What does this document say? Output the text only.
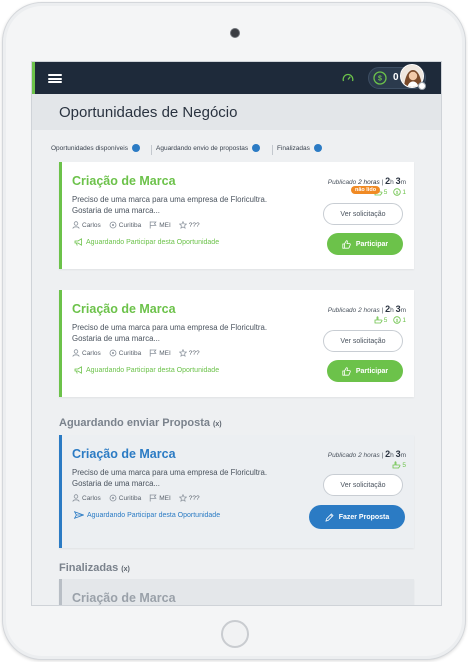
$ 0
Oportunidades de Negócio
Oportunidades disponíveis	Aguardando envio de propostas	Finalizadas
Criação de Marca
Preciso de uma marca para uma empresa de Floricultra. Gostaria de uma marca...
Carlos	Curitiba	MEI	???
Aguardando Participar desta Oportunidade
Publicado 2 horas | 2h 3m
5 $ 1
não lido
Ver solicitação
Participar
Criação de Marca
Preciso de uma marca para uma empresa de Floricultra. Gostaria de uma marca...
Carlos	Curitiba	MEI	???
Aguardando Participar desta Oportunidade
Publicado 2 horas | 2h 3m
5 $ 1
Ver solicitação
Participar
Aguardando enviar Proposta (x)
Criação de Marca
Preciso de uma marca para uma empresa de Floricultra. Gostaria de uma marca...
Carlos	Curitiba	MEI	???
Aguardando Participar desta Oportunidade
Publicado 2 horas | 2h 3m
5
Ver solicitação
Fazer Proposta
Finalizadas (x)
Criação de Marca
